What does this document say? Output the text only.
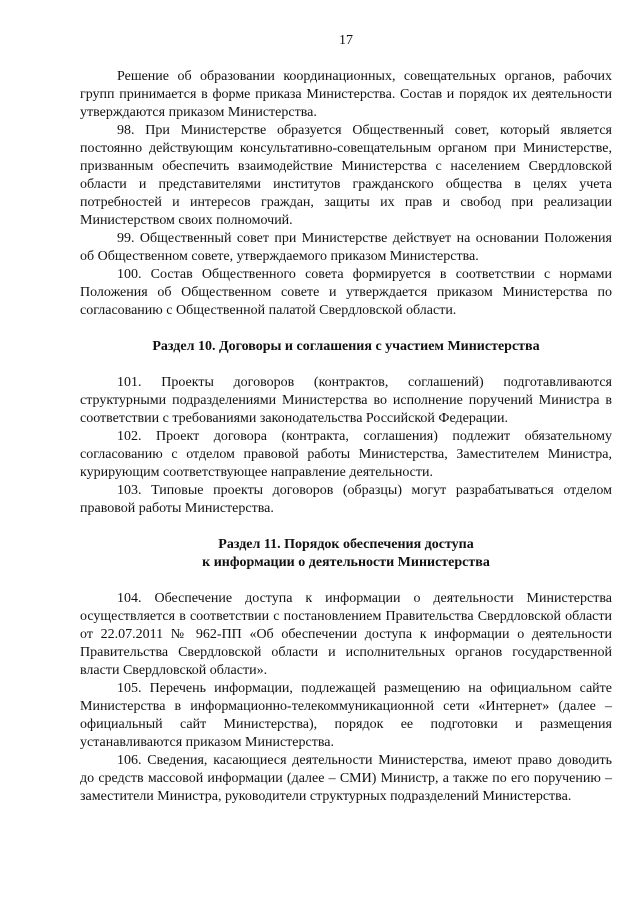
17

Решение об образовании координационных, совещательных органов, рабочих групп принимается в форме приказа Министерства. Состав и порядок их деятельности утверждаются приказом Министерства.

98. При Министерстве образуется Общественный совет, который является постоянно действующим консультативно-совещательным органом при Министерстве, призванным обеспечить взаимодействие Министерства с населением Свердловской области и представителями институтов гражданского общества в целях учета потребностей и интересов граждан, защиты их прав и свобод при реализации Министерством своих полномочий.

99. Общественный совет при Министерстве действует на основании Положения об Общественном совете, утверждаемого приказом Министерства.

100. Состав Общественного совета формируется в соответствии с нормами Положения об Общественном совете и утверждается приказом Министерства по согласованию с Общественной палатой Свердловской области.

Раздел 10. Договоры и соглашения с участием Министерства

101. Проекты договоров (контрактов, соглашений) подготавливаются структурными подразделениями Министерства во исполнение поручений Министра в соответствии с требованиями законодательства Российской Федерации.

102. Проект договора (контракта, соглашения) подлежит обязательному согласованию с отделом правовой работы Министерства, Заместителем Министра, курирующим соответствующее направление деятельности.

103. Типовые проекты договоров (образцы) могут разрабатываться отделом правовой работы Министерства.

Раздел 11. Порядок обеспечения доступа
к информации о деятельности Министерства

104. Обеспечение доступа к информации о деятельности Министерства осуществляется в соответствии с постановлением Правительства Свердловской области от 22.07.2011 № 962-ПП «Об обеспечении доступа к информации о деятельности Правительства Свердловской области и исполнительных органов государственной власти Свердловской области».

105. Перечень информации, подлежащей размещению на официальном сайте Министерства в информационно-телекоммуникационной сети «Интернет» (далее – официальный сайт Министерства), порядок ее подготовки и размещения устанавливаются приказом Министерства.

106. Сведения, касающиеся деятельности Министерства, имеют право доводить до средств массовой информации (далее – СМИ) Министр, а также по его поручению – заместители Министра, руководители структурных подразделений Министерства.
